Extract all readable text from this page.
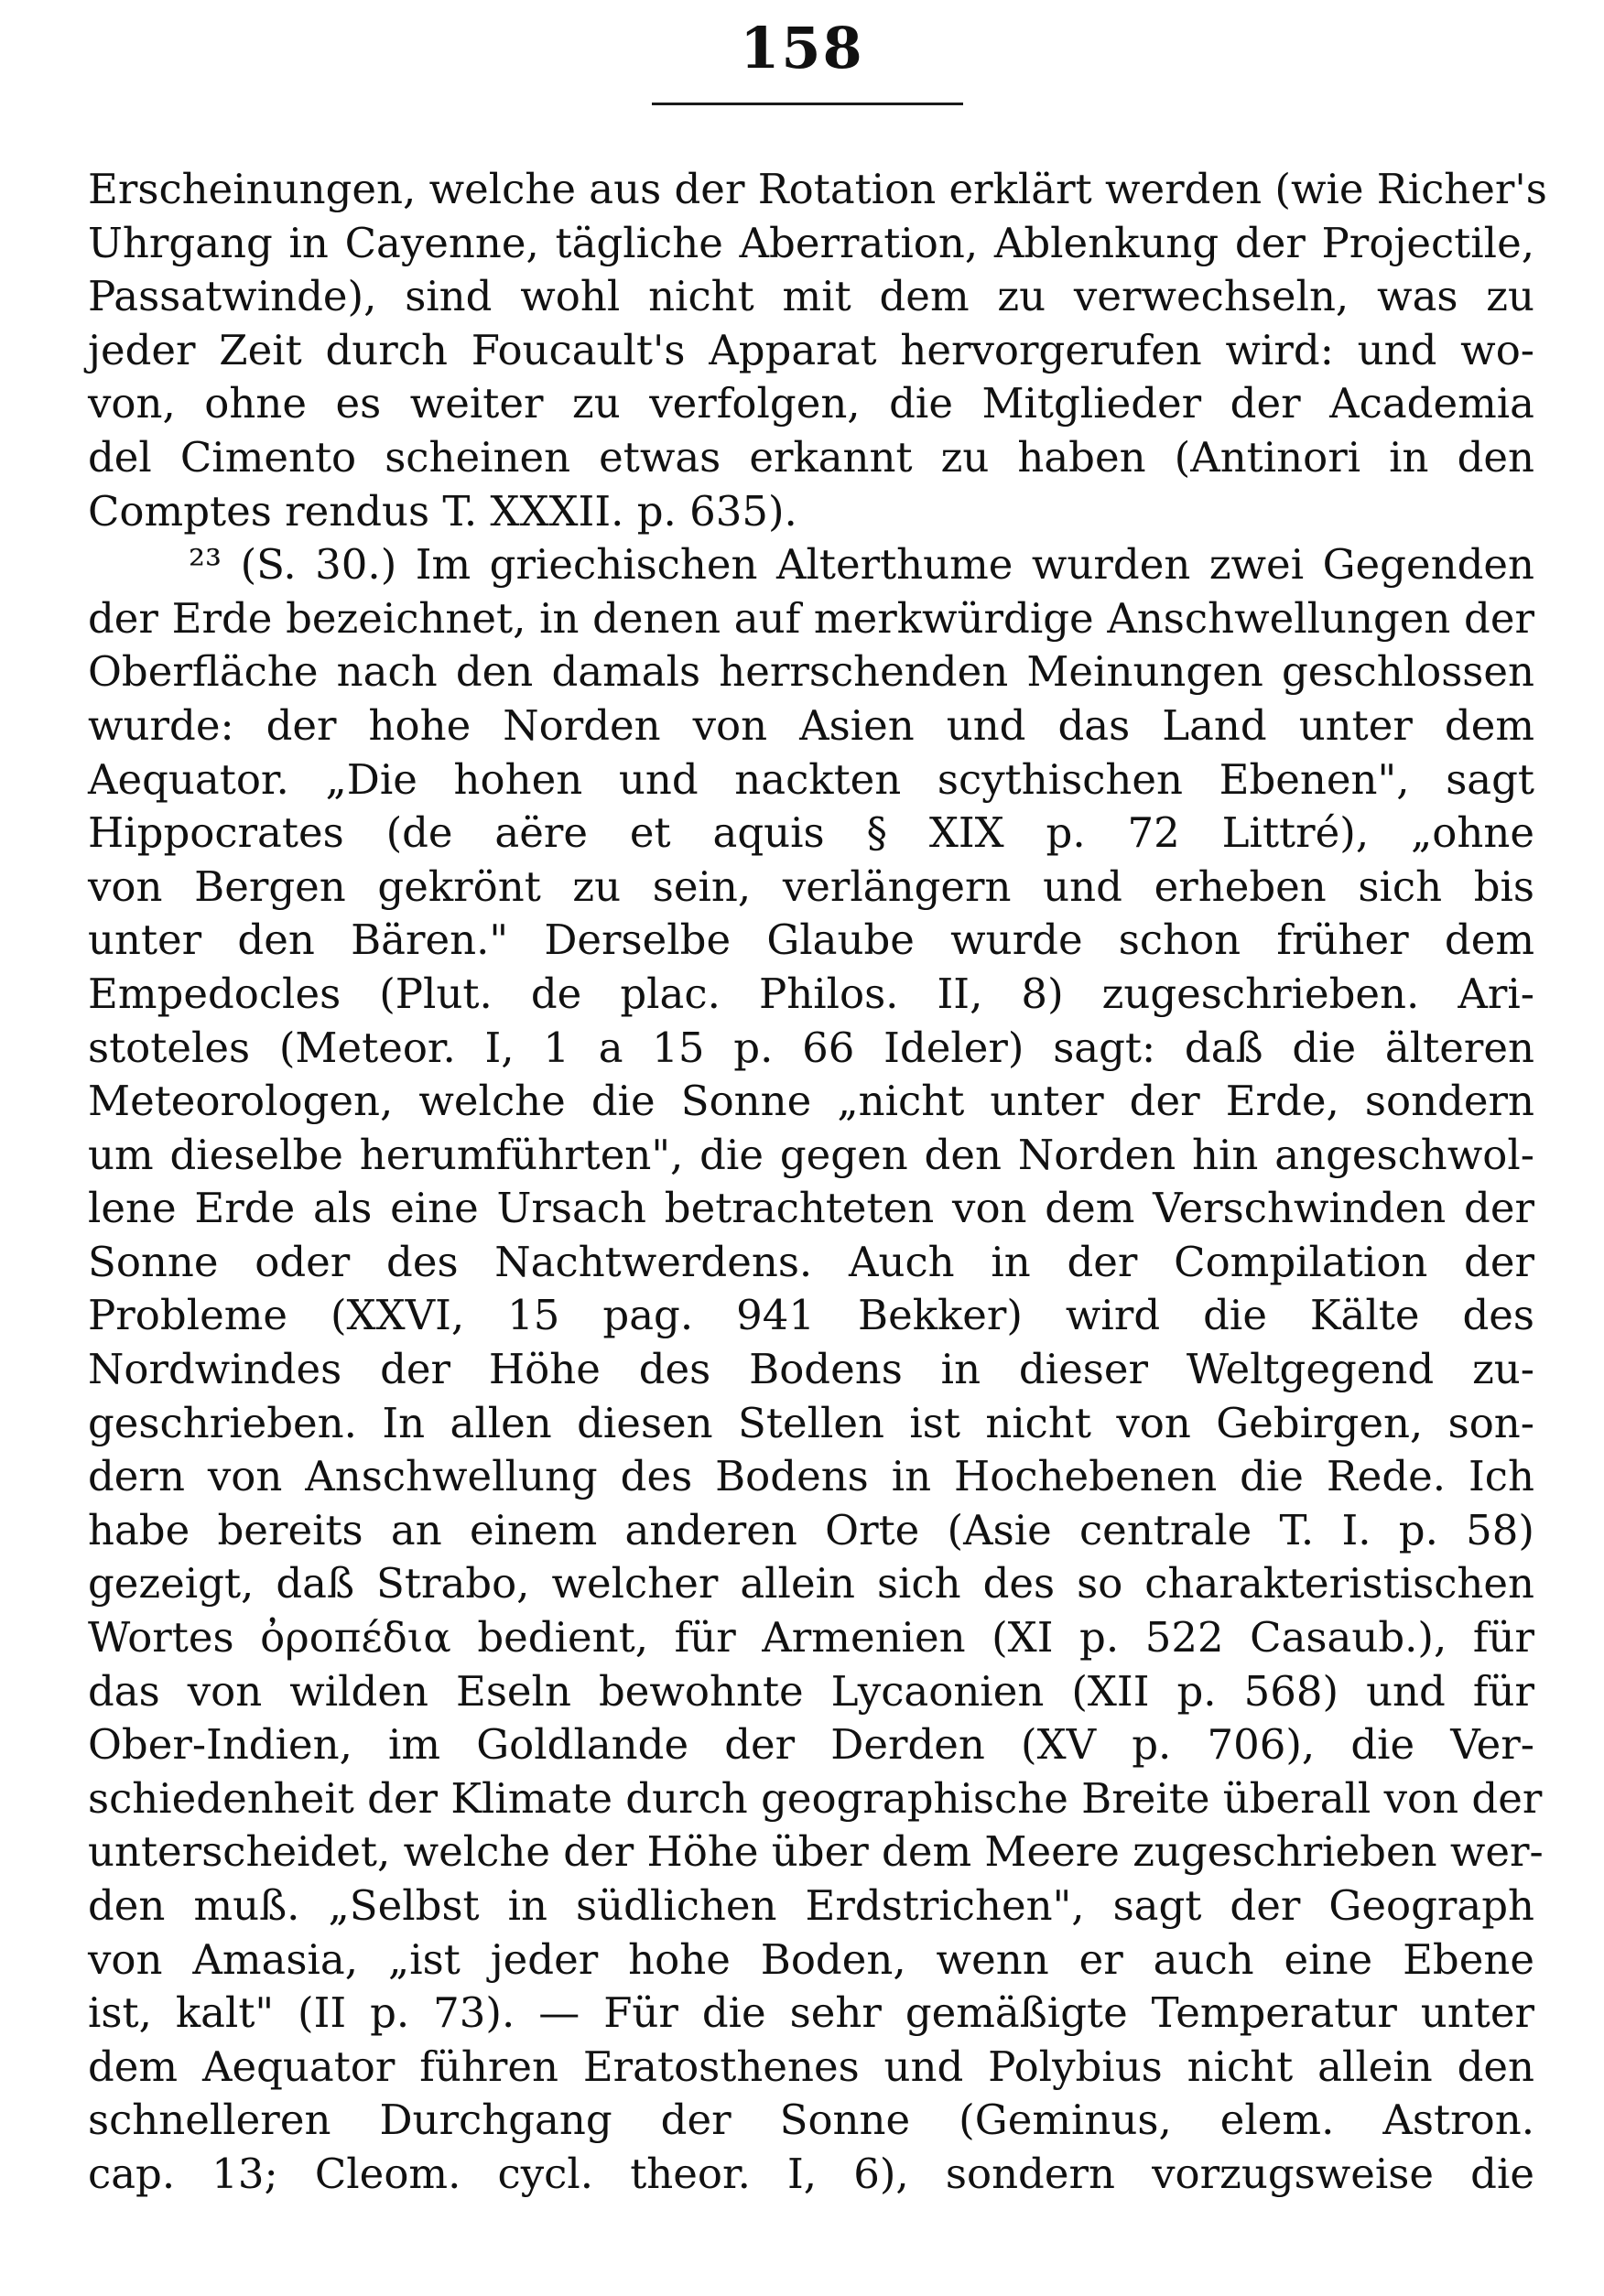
158
Erscheinungen, welche aus der Rotation erklärt werden (wie Richer's
Uhrgang in Cayenne, tägliche Aberration, Ablenkung der Projectile,
Passatwinde), sind wohl nicht mit dem zu verwechseln, was zu
jeder Zeit durch Foucault's Apparat hervorgerufen wird: und wo-
von, ohne es weiter zu verfolgen, die Mitglieder der Academia
del Cimento scheinen etwas erkannt zu haben (Antinori in den
Comptes rendus T. XXXII. p. 635).
²³ (S. 30.) Im griechischen Alterthume wurden zwei Gegenden
der Erde bezeichnet, in denen auf merkwürdige Anschwellungen der
Oberfläche nach den damals herrschenden Meinungen geschlossen
wurde: der hohe Norden von Asien und das Land unter dem
Aequator. „Die hohen und nackten scythischen Ebenen", sagt
Hippocrates (de aëre et aquis § XIX p. 72 Littré), „ohne
von Bergen gekrönt zu sein, verlängern und erheben sich bis
unter den Bären." Derselbe Glaube wurde schon früher dem
Empedocles (Plut. de plac. Philos. II, 8) zugeschrieben. Ari-
stoteles (Meteor. I, 1 a 15 p. 66 Ideler) sagt: daß die älteren
Meteorologen, welche die Sonne „nicht unter der Erde, sondern
um dieselbe herumführten", die gegen den Norden hin angeschwol-
lene Erde als eine Ursach betrachteten von dem Verschwinden der
Sonne oder des Nachtwerdens. Auch in der Compilation der
Probleme (XXVI, 15 pag. 941 Bekker) wird die Kälte des
Nordwindes der Höhe des Bodens in dieser Weltgegend zu-
geschrieben. In allen diesen Stellen ist nicht von Gebirgen, son-
dern von Anschwellung des Bodens in Hochebenen die Rede. Ich
habe bereits an einem anderen Orte (Asie centrale T. I. p. 58)
gezeigt, daß Strabo, welcher allein sich des so charakteristischen
Wortes ὀροπέδια bedient, für Armenien (XI p. 522 Casaub.), für
das von wilden Eseln bewohnte Lycaonien (XII p. 568) und für
Ober-Indien, im Goldlande der Derden (XV p. 706), die Ver-
schiedenheit der Klimate durch geographische Breite überall von der
unterscheidet, welche der Höhe über dem Meere zugeschrieben wer-
den muß. „Selbst in südlichen Erdstrichen", sagt der Geograph
von Amasia, „ist jeder hohe Boden, wenn er auch eine Ebene
ist, kalt" (II p. 73). — Für die sehr gemäßigte Temperatur unter
dem Aequator führen Eratosthenes und Polybius nicht allein den
schnelleren Durchgang der Sonne (Geminus, elem. Astron.
cap. 13; Cleom. cycl. theor. I, 6), sondern vorzugsweise die
